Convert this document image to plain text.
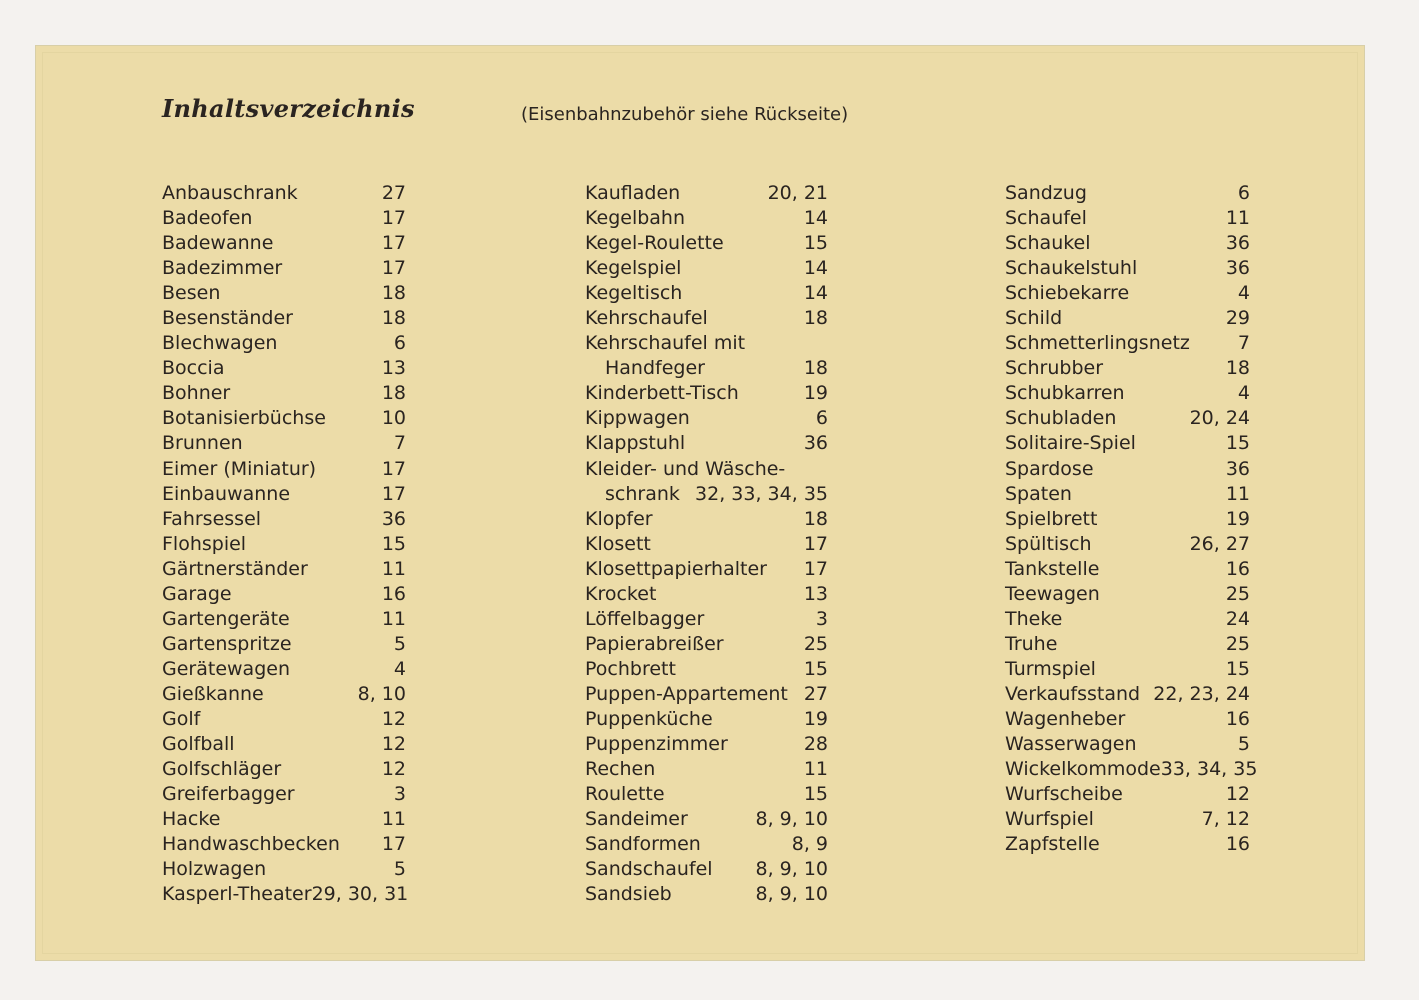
Inhaltsverzeichnis	(Eisenbahnzubehör siehe Rückseite)
Anbauschrank	27
Badeofen	17
Badewanne	17
Badezimmer	17
Besen	18
Besenständer	18
Blechwagen	6
Boccia	13
Bohner	18
Botanisierbüchse	10
Brunnen	7
Eimer (Miniatur)	17
Einbauwanne	17
Fahrsessel	36
Flohspiel	15
Gärtnerständer	11
Garage	16
Gartengeräte	11
Gartenspritze	5
Gerätewagen	4
Gießkanne	8, 10
Golf	12
Golfball	12
Golfschläger	12
Greiferbagger	3
Hacke	11
Handwaschbecken 17
Holzwagen	5
Kasperl-Theater 29, 30, 31
Kaufladen	20, 21
Kegelbahn	14
Kegel-Roulette	15
Kegelspiel	14
Kegeltisch	14
Kehrschaufel	18
Kehrschaufel mit
Handfeger	18
Kinderbett-Tisch	19
Kippwagen	6
Klappstuhl	36
Kleider- und Wäsche-
schrank 32, 33, 34, 35
Klopfer	18
Klosett	17
Klosettpapierhalter 17
Krocket	13
Löffelbagger	3
Papierabreißer	25
Pochbrett	15
Puppen-Appartement 27
Puppenküche	19
Puppenzimmer	28
Rechen	11
Roulette	15
Sandeimer	8, 9, 10
Sandformen	8, 9
Sandschaufel 8, 9, 10
Sandsieb	8, 9, 10
Sandzug	6
Schaufel	11
Schaukel	36
Schaukelstuhl	36
Schiebekarre	4
Schild	29
Schmetterlingsnetz	7
Schrubber	18
Schubkarren	4
Schubladen	20, 24
Solitaire-Spiel	15
Spardose	36
Spaten	11
Spielbrett	19
Spültisch	26, 27
Tankstelle	16
Teewagen	25
Theke	24
Truhe	25
Turmspiel	15
Verkaufsstand 22, 23, 24
Wagenheber	16
Wasserwagen	5
Wickelkommode 33, 34, 35
Wurfscheibe	12
Wurfspiel	7, 12
Zapfstelle	16
